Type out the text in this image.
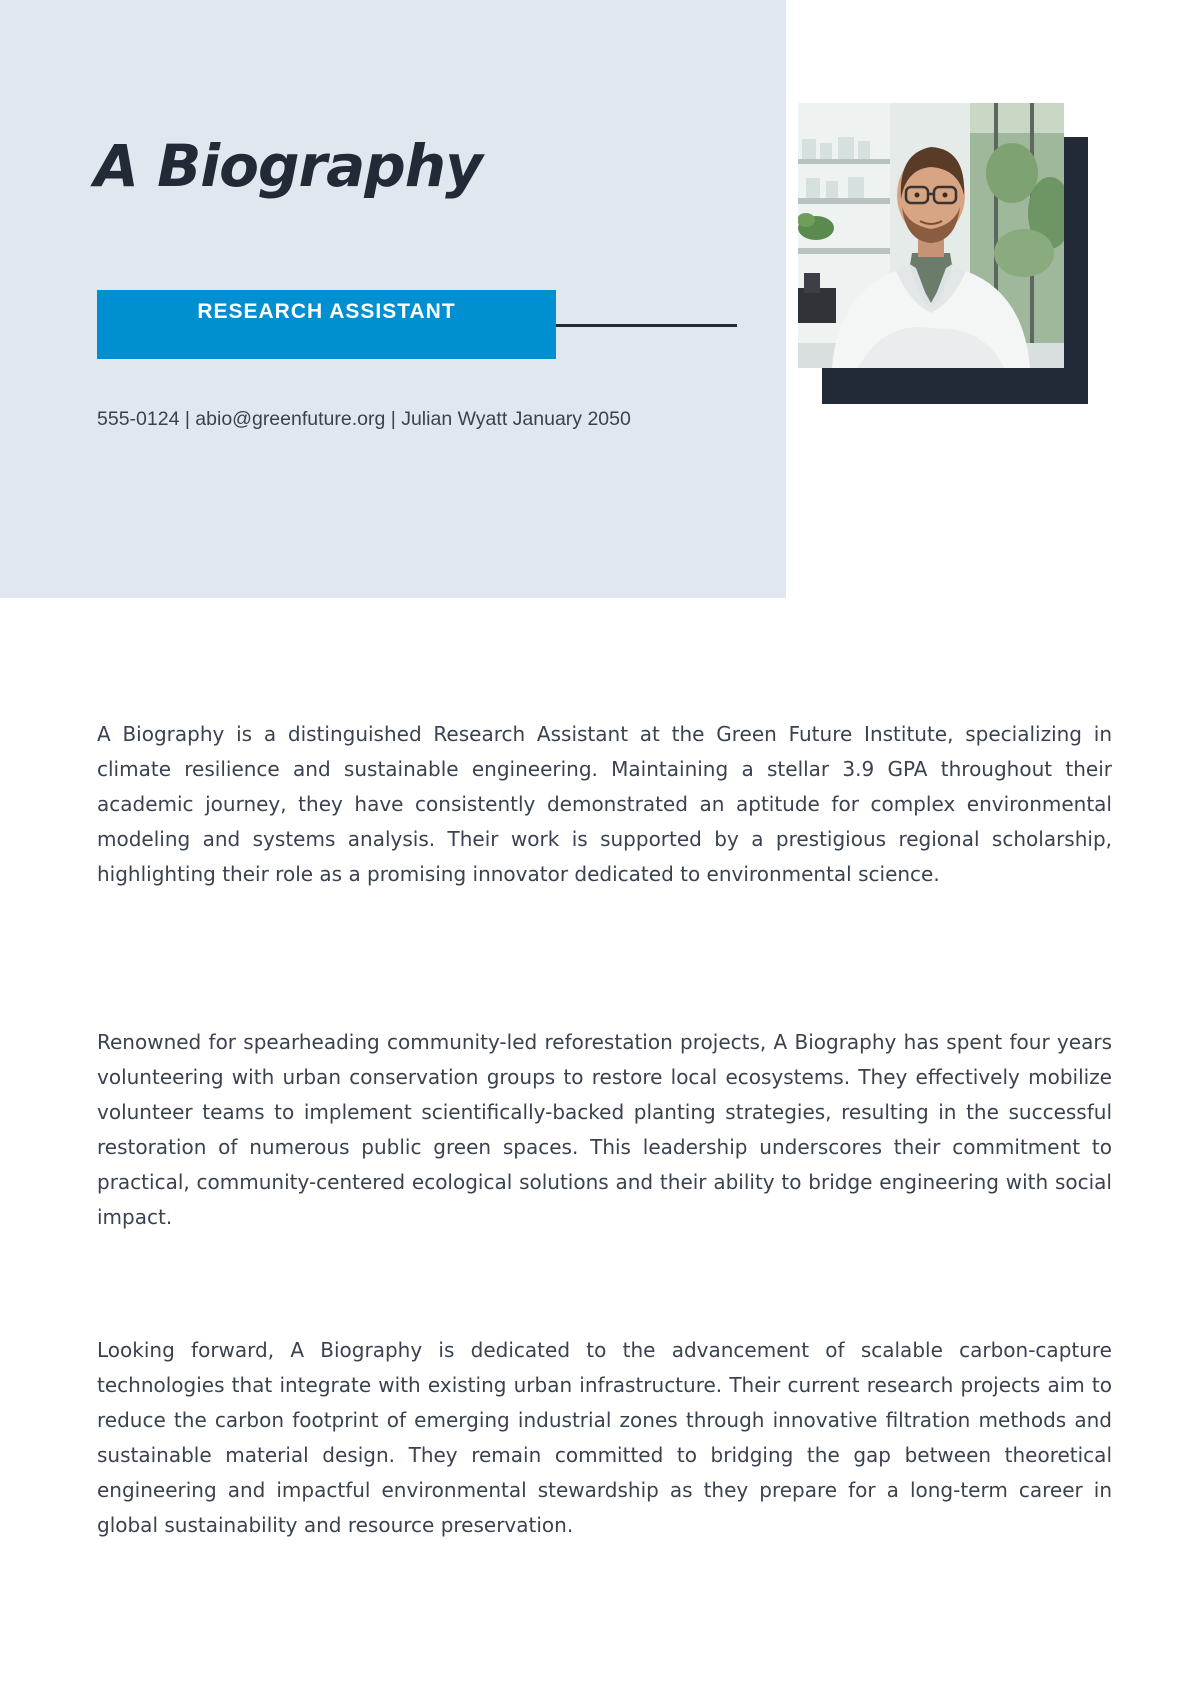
A Biography
RESEARCH ASSISTANT
555-0124 | abio@greenfuture.org | Julian Wyatt January 2050

A Biography is a distinguished Research Assistant at the Green Future Institute, specializing in climate resilience and sustainable engineering. Maintaining a stellar 3.9 GPA throughout their academic journey, they have consistently demonstrated an aptitude for complex environmental modeling and systems analysis. Their work is supported by a prestigious regional scholarship, highlighting their role as a promising innovator dedicated to environmental science.

Renowned for spearheading community-led reforestation projects, A Biography has spent four years volunteering with urban conservation groups to restore local ecosystems. They effectively mobilize volunteer teams to implement scientifically-backed planting strategies, resulting in the successful restoration of numerous public green spaces. This leadership underscores their commitment to practical, community-centered ecological solutions and their ability to bridge engineering with social impact.

Looking forward, A Biography is dedicated to the advancement of scalable carbon-capture technologies that integrate with existing urban infrastructure. Their current research projects aim to reduce the carbon footprint of emerging industrial zones through innovative filtration methods and sustainable material design. They remain committed to bridging the gap between theoretical engineering and impactful environmental stewardship as they prepare for a long-term career in global sustainability and resource preservation.
